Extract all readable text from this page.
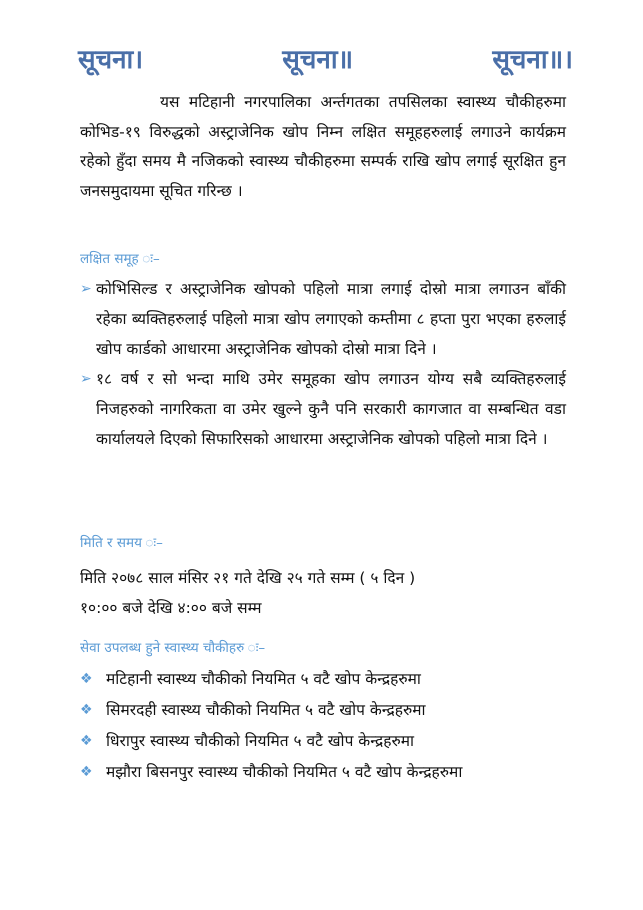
सूचना।	सूचना॥	सूचना॥।
यस मटिहानी नगरपालिका अर्न्तगतका तपसिलका स्वास्थ्य चौकीहरुमा कोभिड-१९ विरुद्धको अस्ट्राजेनिक खोप निम्न लक्षित समूहहरुलाई लगाउने कार्यक्रम रहेको हुँदा समय मै नजिकको स्वास्थ्य चौकीहरुमा सम्पर्क राखि खोप लगाई सूरक्षित हुन जनसमुदायमा सूचित गरिन्छ ।
लक्षित समूह ः–
➢ कोभिसिल्ड र अस्ट्राजेनिक खोपको पहिलो मात्रा लगाई दोस्रो मात्रा लगाउन बाँकी रहेका ब्यक्तिहरुलाई पहिलो मात्रा खोप लगाएको कम्तीमा ८ हप्ता पुरा भएका हरुलाई खोप कार्डको आधारमा अस्ट्राजेनिक खोपको दोस्रो मात्रा दिने ।
➢ १८ वर्ष र सो भन्दा माथि उमेर समूहका खोप लगाउन योग्य सबै व्यक्तिहरुलाई निजहरुको नागरिकता वा उमेर खुल्ने कुनै पनि सरकारी कागजात वा सम्बन्धित वडा कार्यालयले दिएको सिफारिसको आधारमा अस्ट्राजेनिक खोपको पहिलो मात्रा दिने ।
मिति र समय ः–
मिति २०७८ साल मंसिर २१ गते देखि २५ गते सम्म ( ५ दिन )
१०:०० बजे देखि ४:०० बजे सम्म
सेवा उपलब्ध हुने स्वास्थ्य चौकीहरु ः–
❖ मटिहानी स्वास्थ्य चौकीको नियमित ५ वटै खोप केन्द्रहरुमा
❖ सिमरदही स्वास्थ्य चौकीको नियमित ५ वटै खोप केन्द्रहरुमा
❖ धिरापुर स्वास्थ्य चौकीको नियमित ५ वटै खोप केन्द्रहरुमा
❖ मझौरा बिसनपुर स्वास्थ्य चौकीको नियमित ५ वटै खोप केन्द्रहरुमा
